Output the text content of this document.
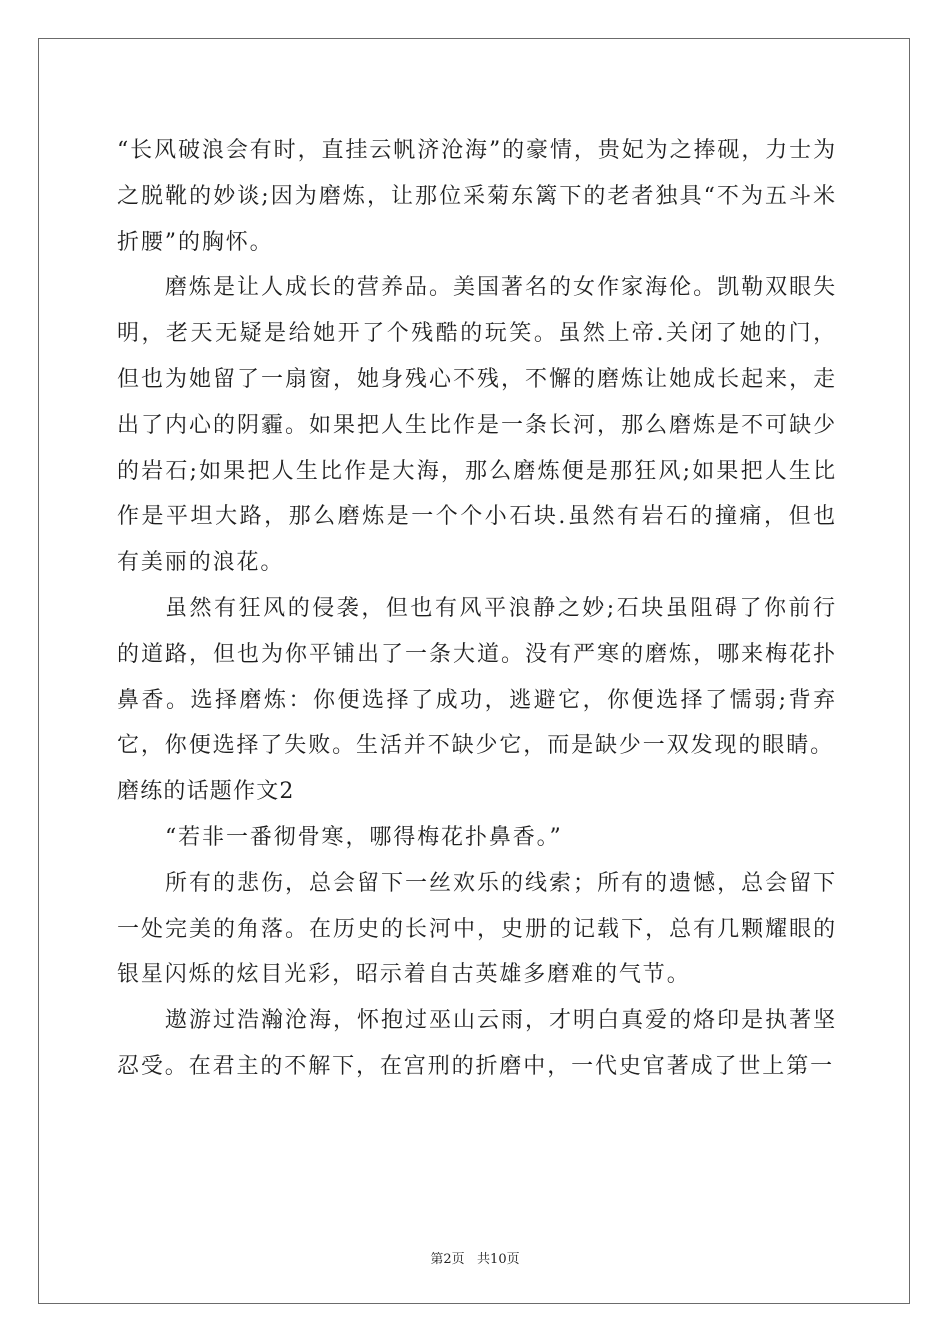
“长风破浪会有时，直挂云帆济沧海”的豪情，贵妃为之捧砚，力士为之脱靴的妙谈;因为磨炼，让那位采菊东篱下的老者独具“不为五斗米折腰”的胸怀。

磨炼是让人成长的营养品。美国著名的女作家海伦。凯勒双眼失明，老天无疑是给她开了个残酷的玩笑。虽然上帝.关闭了她的门，但也为她留了一扇窗，她身残心不残，不懈的磨炼让她成长起来，走出了内心的阴霾。如果把人生比作是一条长河，那么磨炼是不可缺少的岩石;如果把人生比作是大海，那么磨炼便是那狂风;如果把人生比作是平坦大路，那么磨炼是一个个小石块.虽然有岩石的撞痛，但也有美丽的浪花。

虽然有狂风的侵袭，但也有风平浪静之妙;石块虽阻碍了你前行的道路，但也为你平铺出了一条大道。没有严寒的磨炼，哪来梅花扑鼻香。选择磨炼：你便选择了成功，逃避它，你便选择了懦弱;背弃它，你便选择了失败。生活并不缺少它，而是缺少一双发现的眼睛。

磨练的话题作文2

“若非一番彻骨寒，哪得梅花扑鼻香。”

所有的悲伤，总会留下一丝欢乐的线索；所有的遗憾，总会留下一处完美的角落。在历史的长河中，史册的记载下，总有几颗耀眼的银星闪烁的炫目光彩，昭示着自古英雄多磨难的气节。

遨游过浩瀚沧海，怀抱过巫山云雨，才明白真爱的烙印是执著坚忍受。在君主的不解下，在宫刑的折磨中，一代史官著成了世上第一

第2页   共10页
